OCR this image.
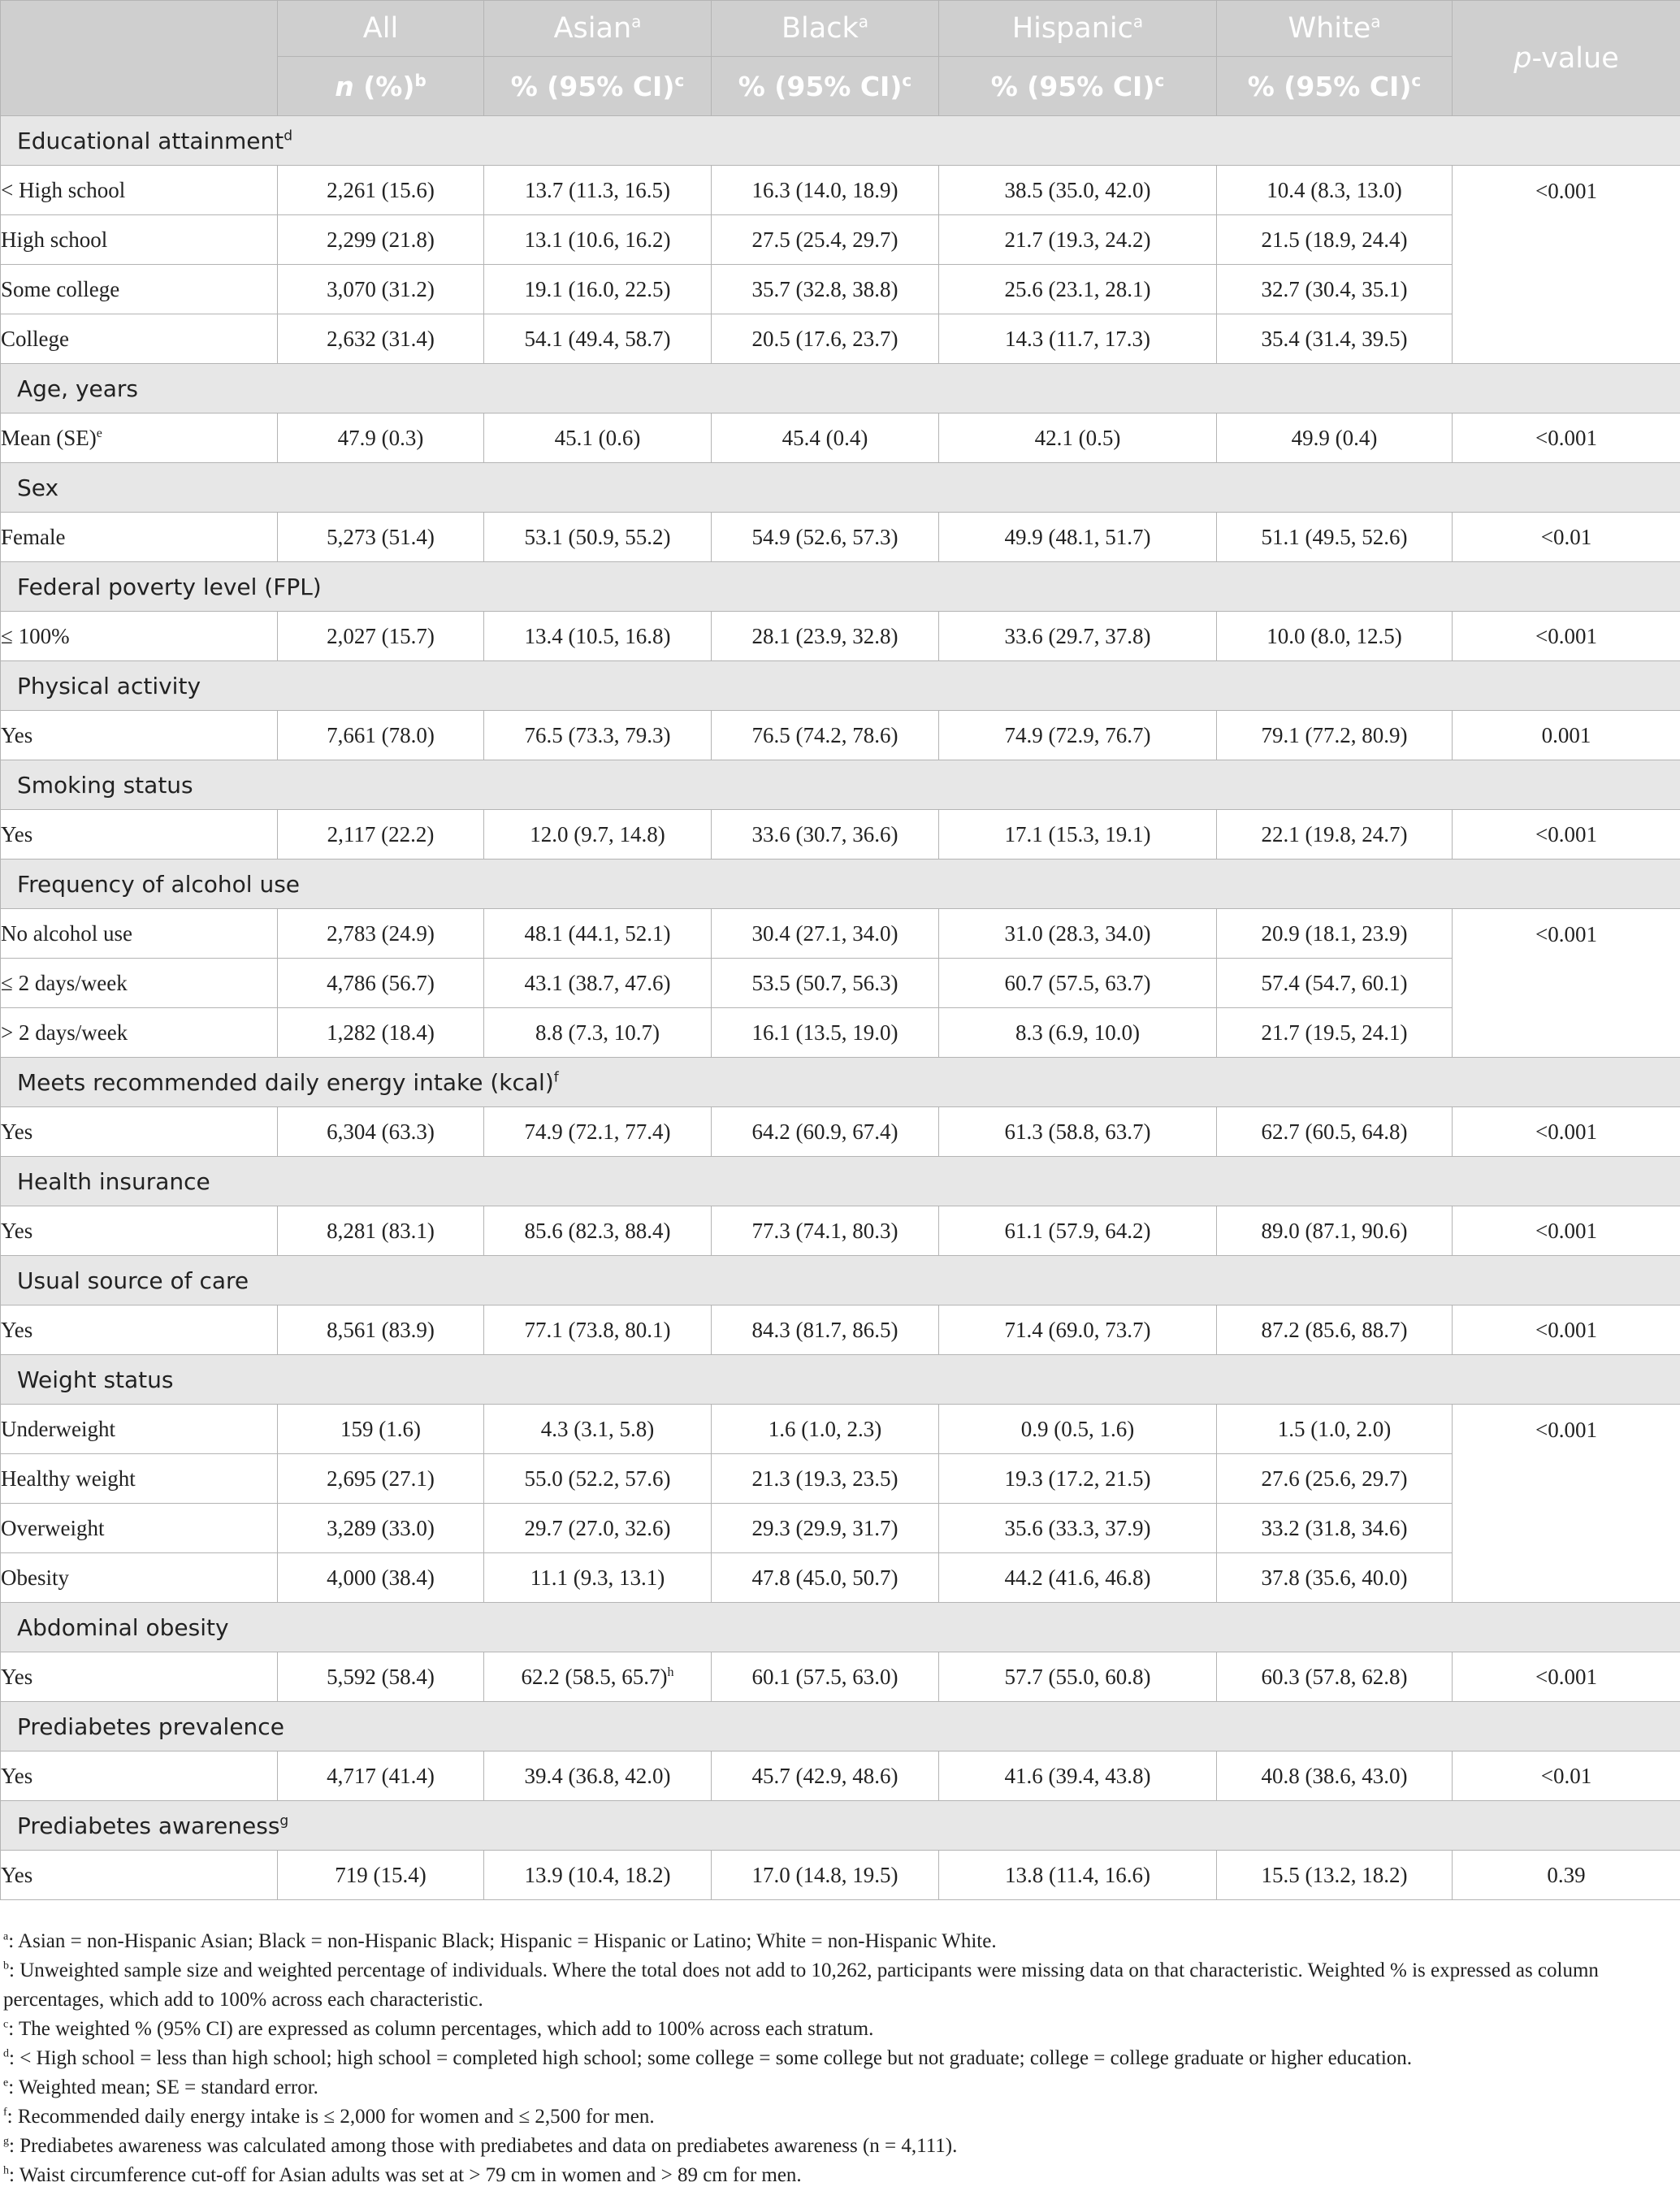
	All	Asian$^a$	Black$^a$	Hispanic$^a$	White$^a$	p-value
	n (%)$^b$	% (95% CI)$^c$	% (95% CI)$^c$	% (95% CI)$^c$	% (95% CI)$^c$
Educational attainment$^d$
< High school	2,261 (15.6)	13.7 (11.3, 16.5)	16.3 (14.0, 18.9)	38.5 (35.0, 42.0)	10.4 (8.3, 13.0)	<0.001
High school	2,299 (21.8)	13.1 (10.6, 16.2)	27.5 (25.4, 29.7)	21.7 (19.3, 24.2)	21.5 (18.9, 24.4)	
Some college	3,070 (31.2)	19.1 (16.0, 22.5)	35.7 (32.8, 38.8)	25.6 (23.1, 28.1)	32.7 (30.4, 35.1)	
College	2,632 (31.4)	54.1 (49.4, 58.7)	20.5 (17.6, 23.7)	14.3 (11.7, 17.3)	35.4 (31.4, 39.5)	
Age, years						
Mean (SE)$^e$	47.9 (0.3)	45.1 (0.6)	45.4 (0.4)	42.1 (0.5)	49.9 (0.4)	<0.001
Sex						
Female	5,273 (51.4)	53.1 (50.9, 55.2)	54.9 (52.6, 57.3)	49.9 (48.1, 51.7)	51.1 (49.5, 52.6)	<0.01
Federal poverty level (FPL)						
≤ 100%	2,027 (15.7)	13.4 (10.5, 16.8)	28.1 (23.9, 32.8)	33.6 (29.7, 37.8)	10.0 (8.0, 12.5)	<0.001
Physical activity						
Yes	7,661 (78.0)	76.5 (73.3, 79.3)	76.5 (74.2, 78.6)	74.9 (72.9, 76.7)	79.1 (77.2, 80.9)	0.001
Smoking status						
Yes	2,117 (22.2)	12.0 (9.7, 14.8)	33.6 (30.7, 36.6)	17.1 (15.3, 19.1)	22.1 (19.8, 24.7)	<0.001
Frequency of alcohol use						
No alcohol use	2,783 (24.9)	48.1 (44.1, 52.1)	30.4 (27.1, 34.0)	31.0 (28.3, 34.0)	20.9 (18.1, 23.9)	<0.001
≤ 2 days/week	4,786 (56.7)	43.1 (38.7, 47.6)	53.5 (50.7, 56.3)	60.7 (57.5, 63.7)	57.4 (54.7, 60.1)	
> 2 days/week	1,282 (18.4)	8.8 (7.3, 10.7)	16.1 (13.5, 19.0)	8.3 (6.9, 10.0)	21.7 (19.5, 24.1)	
Meets recommended daily energy intake (kcal)$^f$
Yes	6,304 (63.3)	74.9 (72.1, 77.4)	64.2 (60.9, 67.4)	61.3 (58.8, 63.7)	62.7 (60.5, 64.8)	<0.001
Health insurance						
Yes	8,281 (83.1)	85.6 (82.3, 88.4)	77.3 (74.1, 80.3)	61.1 (57.9, 64.2)	89.0 (87.1, 90.6)	<0.001
Usual source of care						
Yes	8,561 (83.9)	77.1 (73.8, 80.1)	84.3 (81.7, 86.5)	71.4 (69.0, 73.7)	87.2 (85.6, 88.7)	<0.001
Weight status						
Underweight	159 (1.6)	4.3 (3.1, 5.8)	1.6 (1.0, 2.3)	0.9 (0.5, 1.6)	1.5 (1.0, 2.0)	<0.001
Healthy weight	2,695 (27.1)	55.0 (52.2, 57.6)	21.3 (19.3, 23.5)	19.3 (17.2, 21.5)	27.6 (25.6, 29.7)	
Overweight	3,289 (33.0)	29.7 (27.0, 32.6)	29.3 (29.9, 31.7)	35.6 (33.3, 37.9)	33.2 (31.8, 34.6)	
Obesity	4,000 (38.4)	11.1 (9.3, 13.1)	47.8 (45.0, 50.7)	44.2 (41.6, 46.8)	37.8 (35.6, 40.0)	
Abdominal obesity						
Yes	5,592 (58.4)	62.2 (58.5, 65.7)$^h$	60.1 (57.5, 63.0)	57.7 (55.0, 60.8)	60.3 (57.8, 62.8)	<0.001
Prediabetes prevalence						
Yes	4,717 (41.4)	39.4 (36.8, 42.0)	45.7 (42.9, 48.6)	41.6 (39.4, 43.8)	40.8 (38.6, 43.0)	<0.01
Prediabetes awareness$^g$
Yes	719 (15.4)	13.9 (10.4, 18.2)	17.0 (14.8, 19.5)	13.8 (11.4, 16.6)	15.5 (13.2, 18.2)	0.39

$^a$: Asian = non-Hispanic Asian; Black = non-Hispanic Black; Hispanic = Hispanic or Latino; White = non-Hispanic White.

$^b$: Unweighted sample size and weighted percentage of individuals. Where the total does not add to 10,262, participants were missing data on that characteristic. Weighted % is expressed as column percentages, which add to 100% across each characteristic.

$^c$: The weighted % (95% CI) are expressed as column percentages, which add to 100% across each stratum.

$^d$: < High school = less than high school; high school = completed high school; some college = some college but not graduate; college = college graduate or higher education.

$^e$: Weighted mean; SE = standard error.

$^f$: Recommended daily energy intake is ≤ 2,000 for women and ≤ 2,500 for men.

$^g$: Prediabetes awareness was calculated among those with prediabetes and data on prediabetes awareness (n = 4,111).

$^h$: Waist circumference cut-off for Asian adults was set at > 79 cm in women and > 89 cm for men.
